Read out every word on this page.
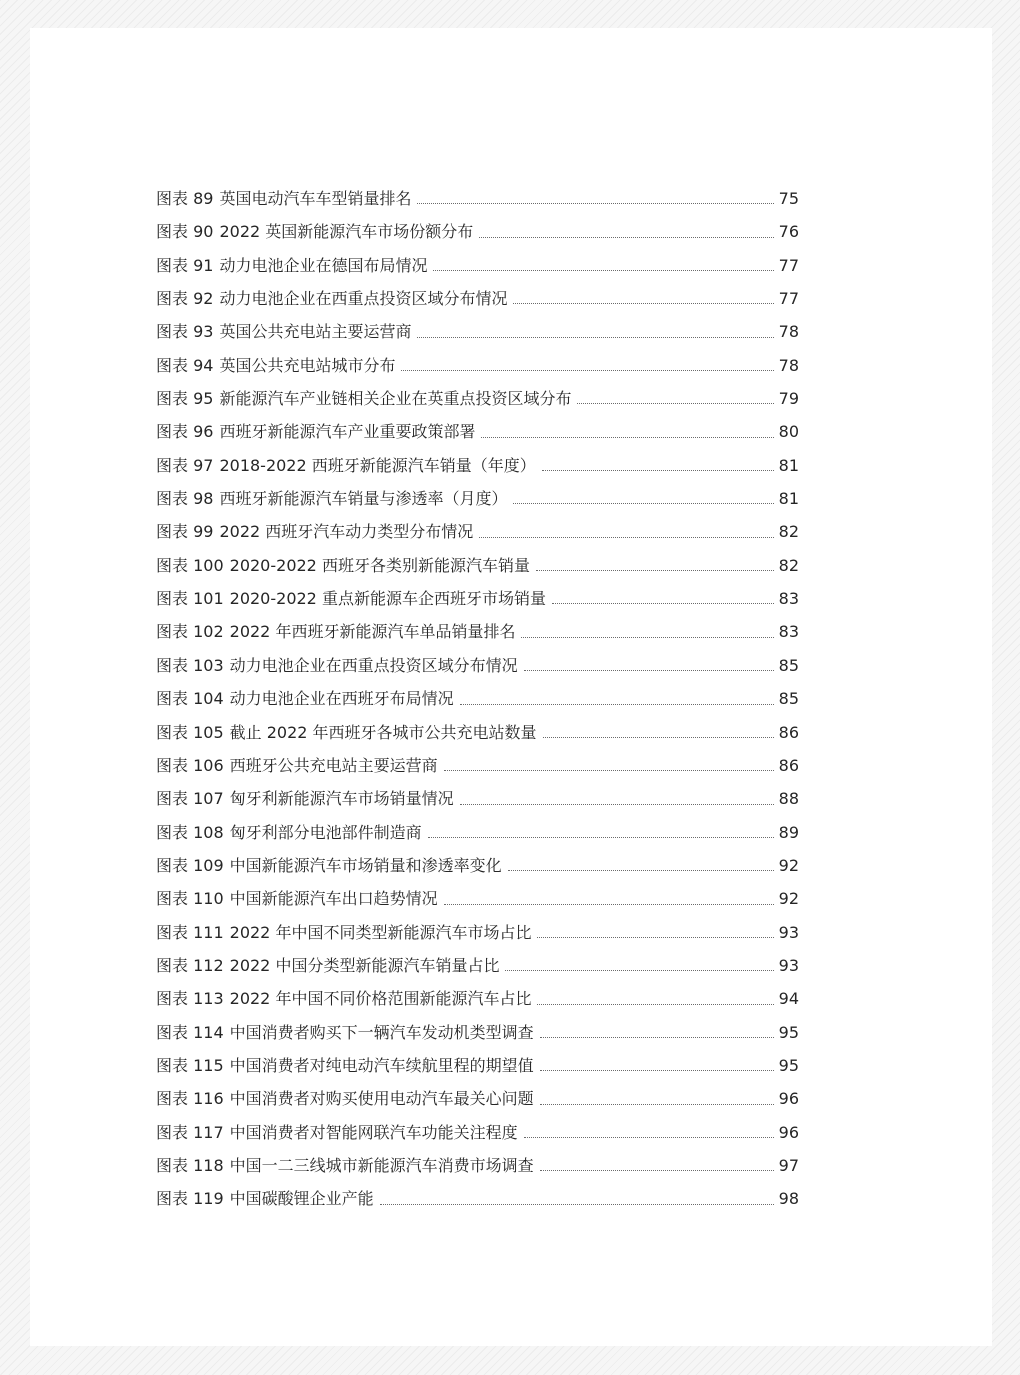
图表 89 英国电动汽车车型销量排名	75
图表 90 2022 英国新能源汽车市场份额分布	76
图表 91 动力电池企业在德国布局情况	77
图表 92 动力电池企业在西重点投资区域分布情况	77
图表 93 英国公共充电站主要运营商	78
图表 94 英国公共充电站城市分布	78
图表 95 新能源汽车产业链相关企业在英重点投资区域分布	79
图表 96 西班牙新能源汽车产业重要政策部署	80
图表 97 2018-2022 西班牙新能源汽车销量（年度）	81
图表 98 西班牙新能源汽车销量与渗透率（月度）	81
图表 99 2022 西班牙汽车动力类型分布情况	82
图表 100 2020-2022 西班牙各类别新能源汽车销量	82
图表 101 2020-2022 重点新能源车企西班牙市场销量	83
图表 102 2022 年西班牙新能源汽车单品销量排名	83
图表 103 动力电池企业在西重点投资区域分布情况	85
图表 104 动力电池企业在西班牙布局情况	85
图表 105 截止 2022 年西班牙各城市公共充电站数量	86
图表 106 西班牙公共充电站主要运营商	86
图表 107 匈牙利新能源汽车市场销量情况	88
图表 108 匈牙利部分电池部件制造商	89
图表 109 中国新能源汽车市场销量和渗透率变化	92
图表 110 中国新能源汽车出口趋势情况	92
图表 111 2022 年中国不同类型新能源汽车市场占比	93
图表 112 2022 中国分类型新能源汽车销量占比	93
图表 113 2022 年中国不同价格范围新能源汽车占比	94
图表 114 中国消费者购买下一辆汽车发动机类型调查	95
图表 115 中国消费者对纯电动汽车续航里程的期望值	95
图表 116 中国消费者对购买使用电动汽车最关心问题	96
图表 117 中国消费者对智能网联汽车功能关注程度	96
图表 118 中国一二三线城市新能源汽车消费市场调查	97
图表 119 中国碳酸锂企业产能	98
